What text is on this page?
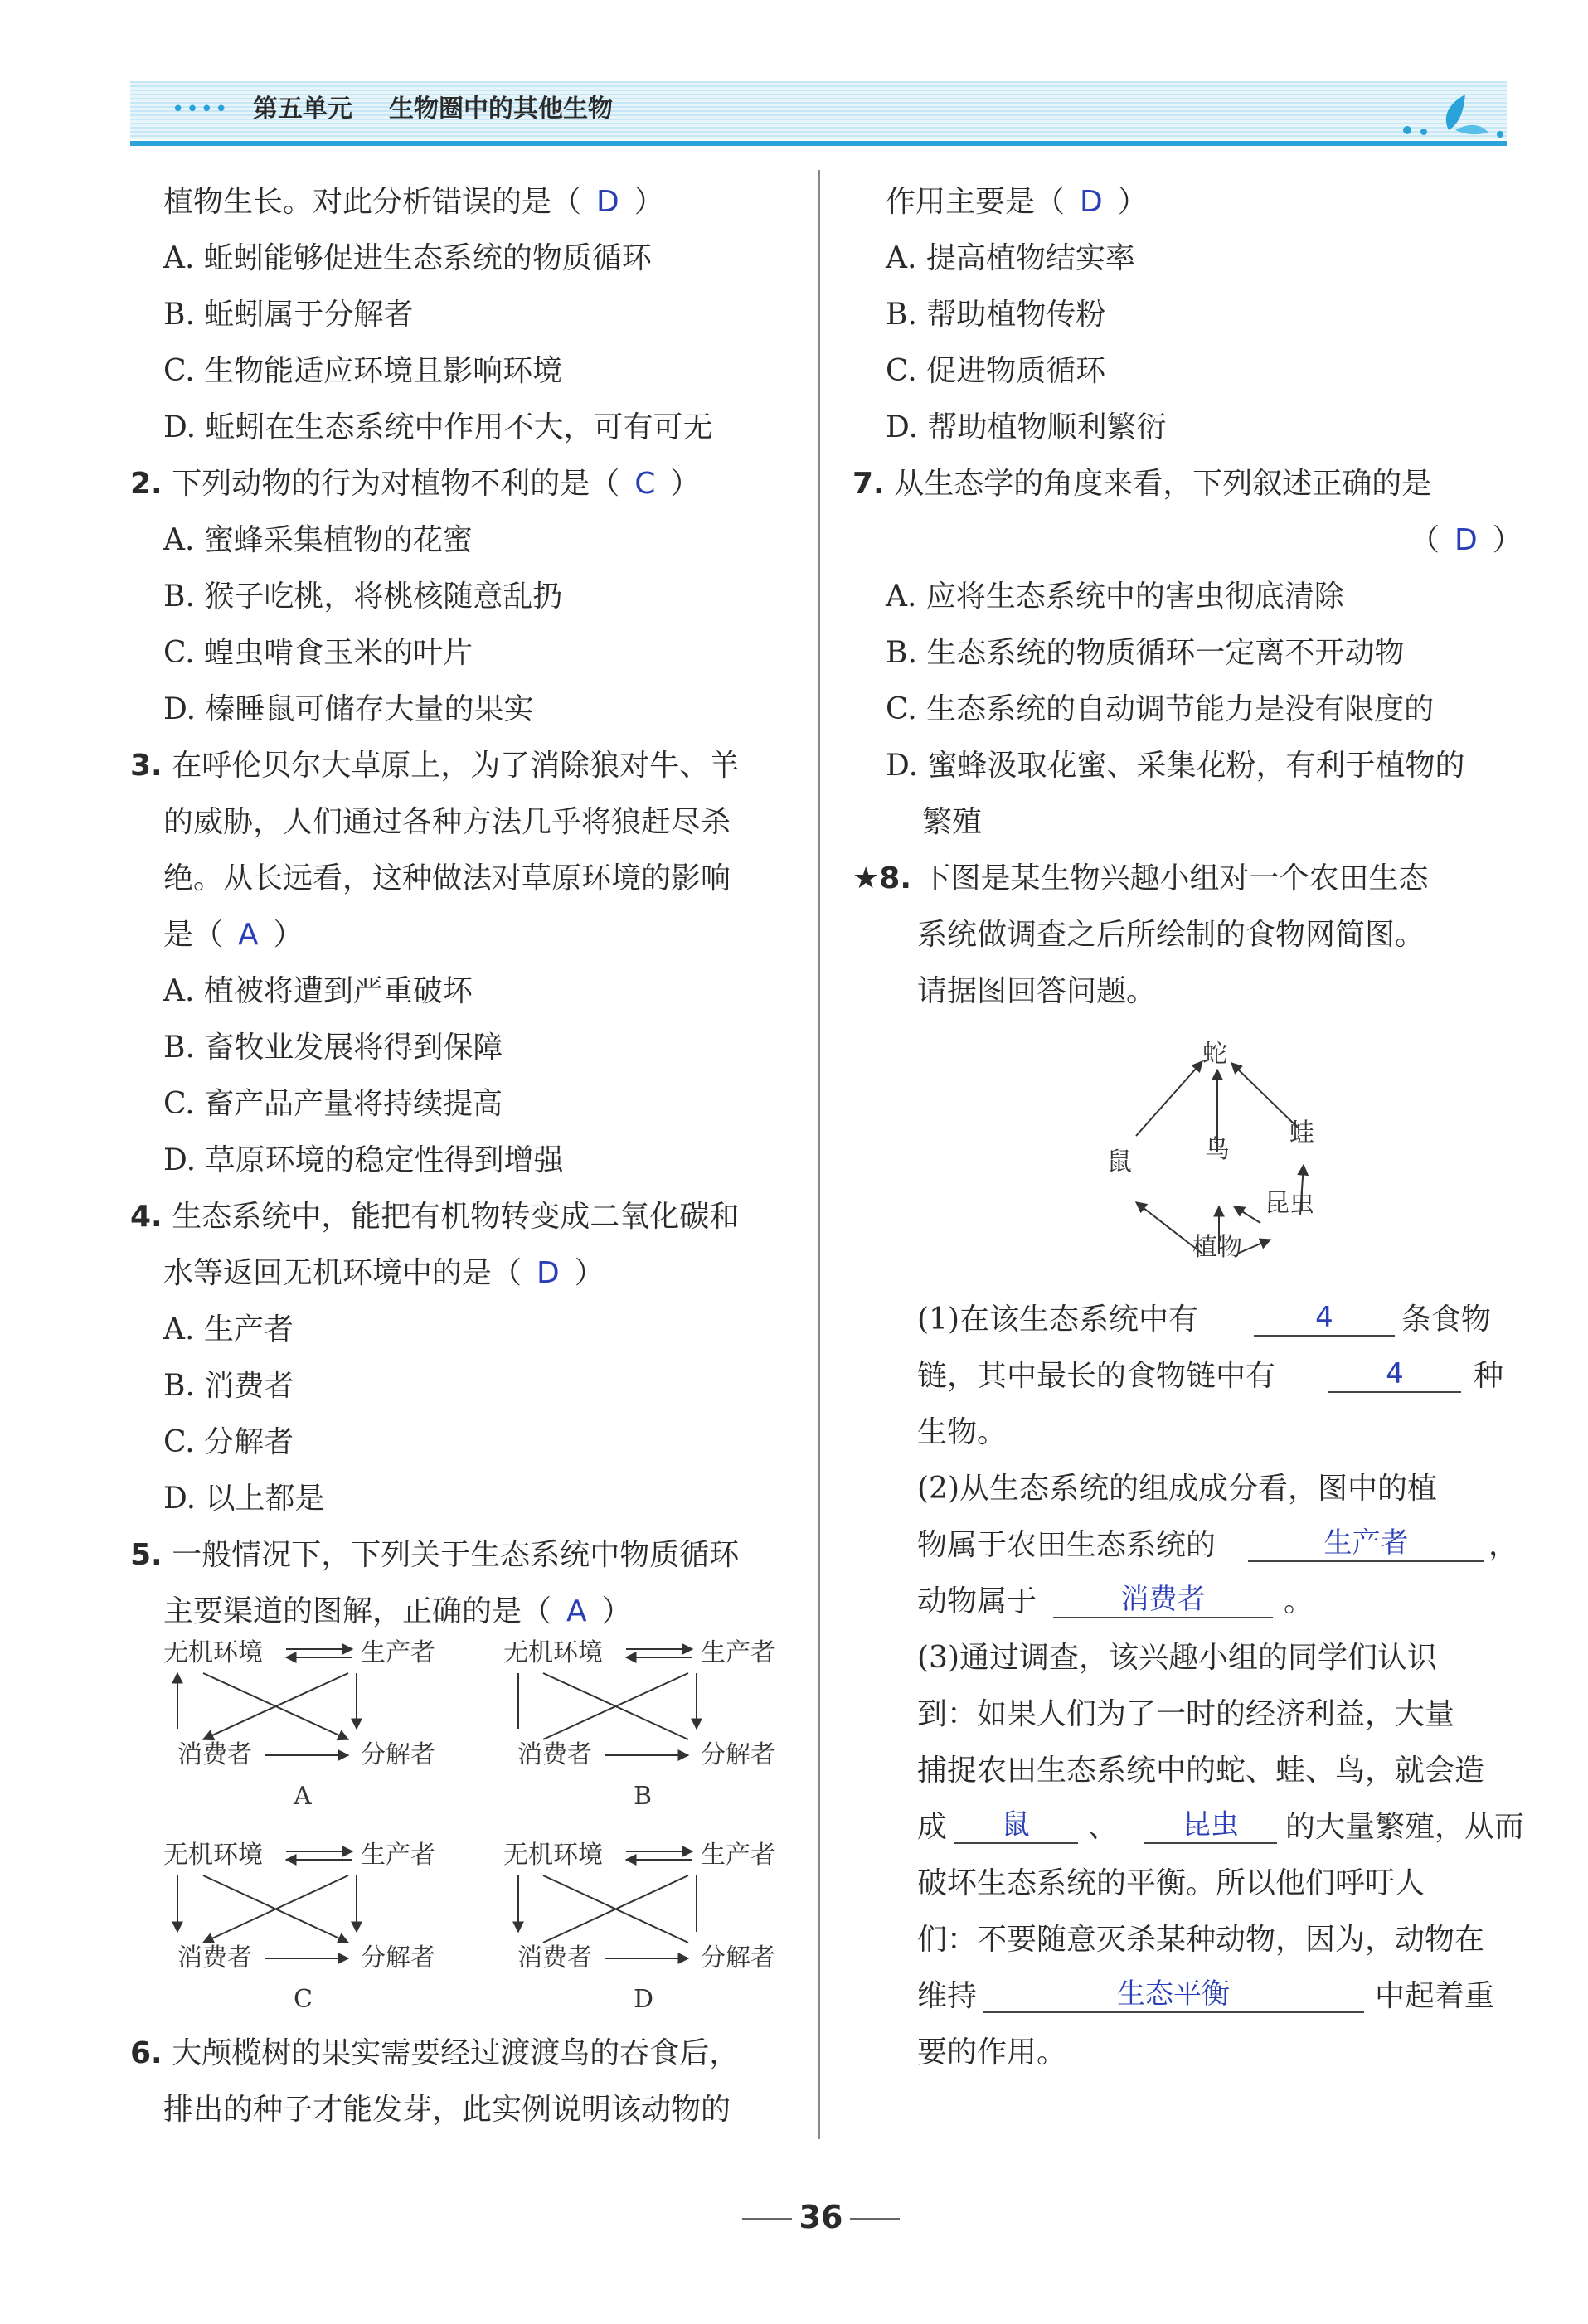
•••• 第五单元 生物圈中的其他生物
植物生长。对此分析错误的是（ D ）
A. 蚯蚓能够促进生态系统的物质循环
B. 蚯蚓属于分解者
C. 生物能适应环境且影响环境
D. 蚯蚓在生态系统中作用不大，可有可无
2. 下列动物的行为对植物不利的是（ C ）
A. 蜜蜂采集植物的花蜜
B. 猴子吃桃，将桃核随意乱扔
C. 蝗虫啃食玉米的叶片
D. 榛睡鼠可储存大量的果实
3. 在呼伦贝尔大草原上，为了消除狼对牛、羊
的威胁，人们通过各种方法几乎将狼赶尽杀
绝。从长远看，这种做法对草原环境的影响
是（ A ）
A. 植被将遭到严重破坏
B. 畜牧业发展将得到保障
C. 畜产品产量将持续提高
D. 草原环境的稳定性得到增强
4. 生态系统中，能把有机物转变成二氧化碳和
水等返回无机环境中的是（ D ）
A. 生产者
B. 消费者
C. 分解者
D. 以上都是
5. 一般情况下，下列关于生态系统中物质循环
主要渠道的图解，正确的是（ A ）
无机环境	生产者
消费者	分解者
A
无机环境	生产者
消费者	分解者
B
无机环境	生产者
消费者	分解者
C
无机环境	生产者
消费者	分解者
D
6. 大颅榄树的果实需要经过渡渡鸟的吞食后，
排出的种子才能发芽，此实例说明该动物的
作用主要是（ D ）
A. 提高植物结实率
B. 帮助植物传粉
C. 促进物质循环
D. 帮助植物顺利繁衍
7. 从生态学的角度来看，下列叙述正确的是
（ D ）
A. 应将生态系统中的害虫彻底清除
B. 生态系统的物质循环一定离不开动物
C. 生态系统的自动调节能力是没有限度的
D. 蜜蜂汲取花蜜、采集花粉，有利于植物的
繁殖
★8. 下图是某生物兴趣小组对一个农田生态
系统做调查之后所绘制的食物网简图。
请据图回答问题。
蛇
蛙
鼠	鸟
昆虫
植物
(1)在该生态系统中有	4	条食物
链，其中最长的食物链中有	4	种
生物。
(2)从生态系统的组成成分看，图中的植
物属于农田生态系统的	生产者	，
动物属于	消费者	。
(3)通过调查，该兴趣小组的同学们认识
到：如果人们为了一时的经济利益，大量
捕捉农田生态系统中的蛇、蛙、鸟，就会造
成	鼠	、	昆虫	的大量繁殖，从而
破坏生态系统的平衡。所以他们呼吁人
们：不要随意灭杀某种动物，因为，动物在
维持	生态平衡	中起着重
要的作用。
36
